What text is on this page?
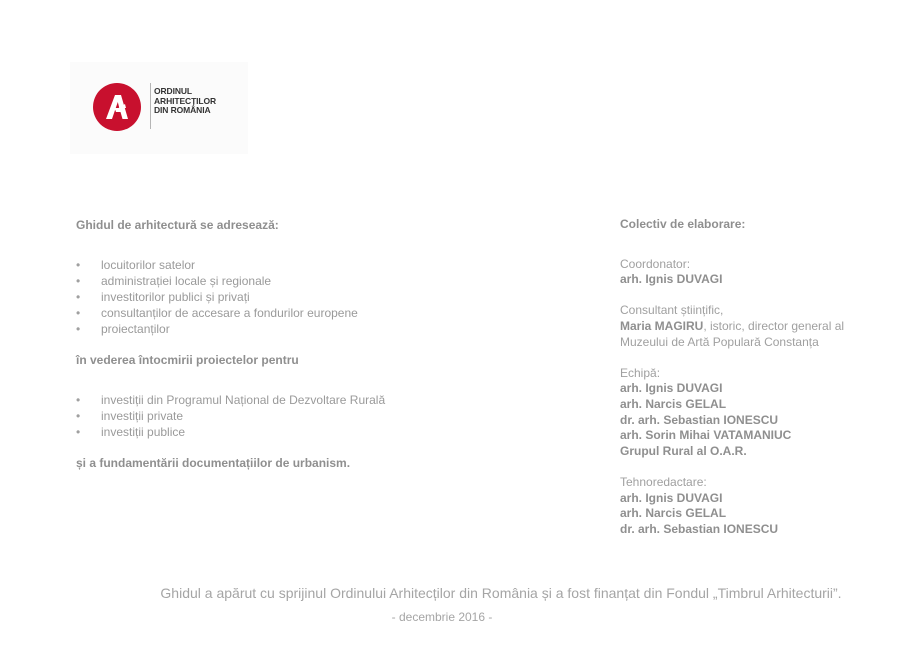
ORDINUL
ARHITECȚILOR
DIN ROMÂNIA
Ghidul de arhitectură se adresează:
• locuitorilor satelor
• administrației locale și regionale
• investitorilor publici și privați
• consultanților de accesare a fondurilor europene
• proiectanților
în vederea întocmirii proiectelor pentru
• investiții din Programul Național de Dezvoltare Rurală
• investiții private
• investiții publice
și a fundamentării documentațiilor de urbanism.
Colectiv de elaborare:
Coordonator:
arh. Ignis DUVAGI
Consultant științific,
Maria MAGIRU, istoric, director general al
Muzeului de Artă Populară Constanța
Echipă:
arh. Ignis DUVAGI
arh. Narcis GELAL
dr. arh. Sebastian IONESCU
arh. Sorin Mihai VATAMANIUC
Grupul Rural al O.A.R.
Tehnoredactare:
arh. Ignis DUVAGI
arh. Narcis GELAL
dr. arh. Sebastian IONESCU
Ghidul a apărut cu sprijinul Ordinului Arhitecților din România și a fost finanțat din Fondul „Timbrul Arhitecturii”.
- decembrie 2016 -
